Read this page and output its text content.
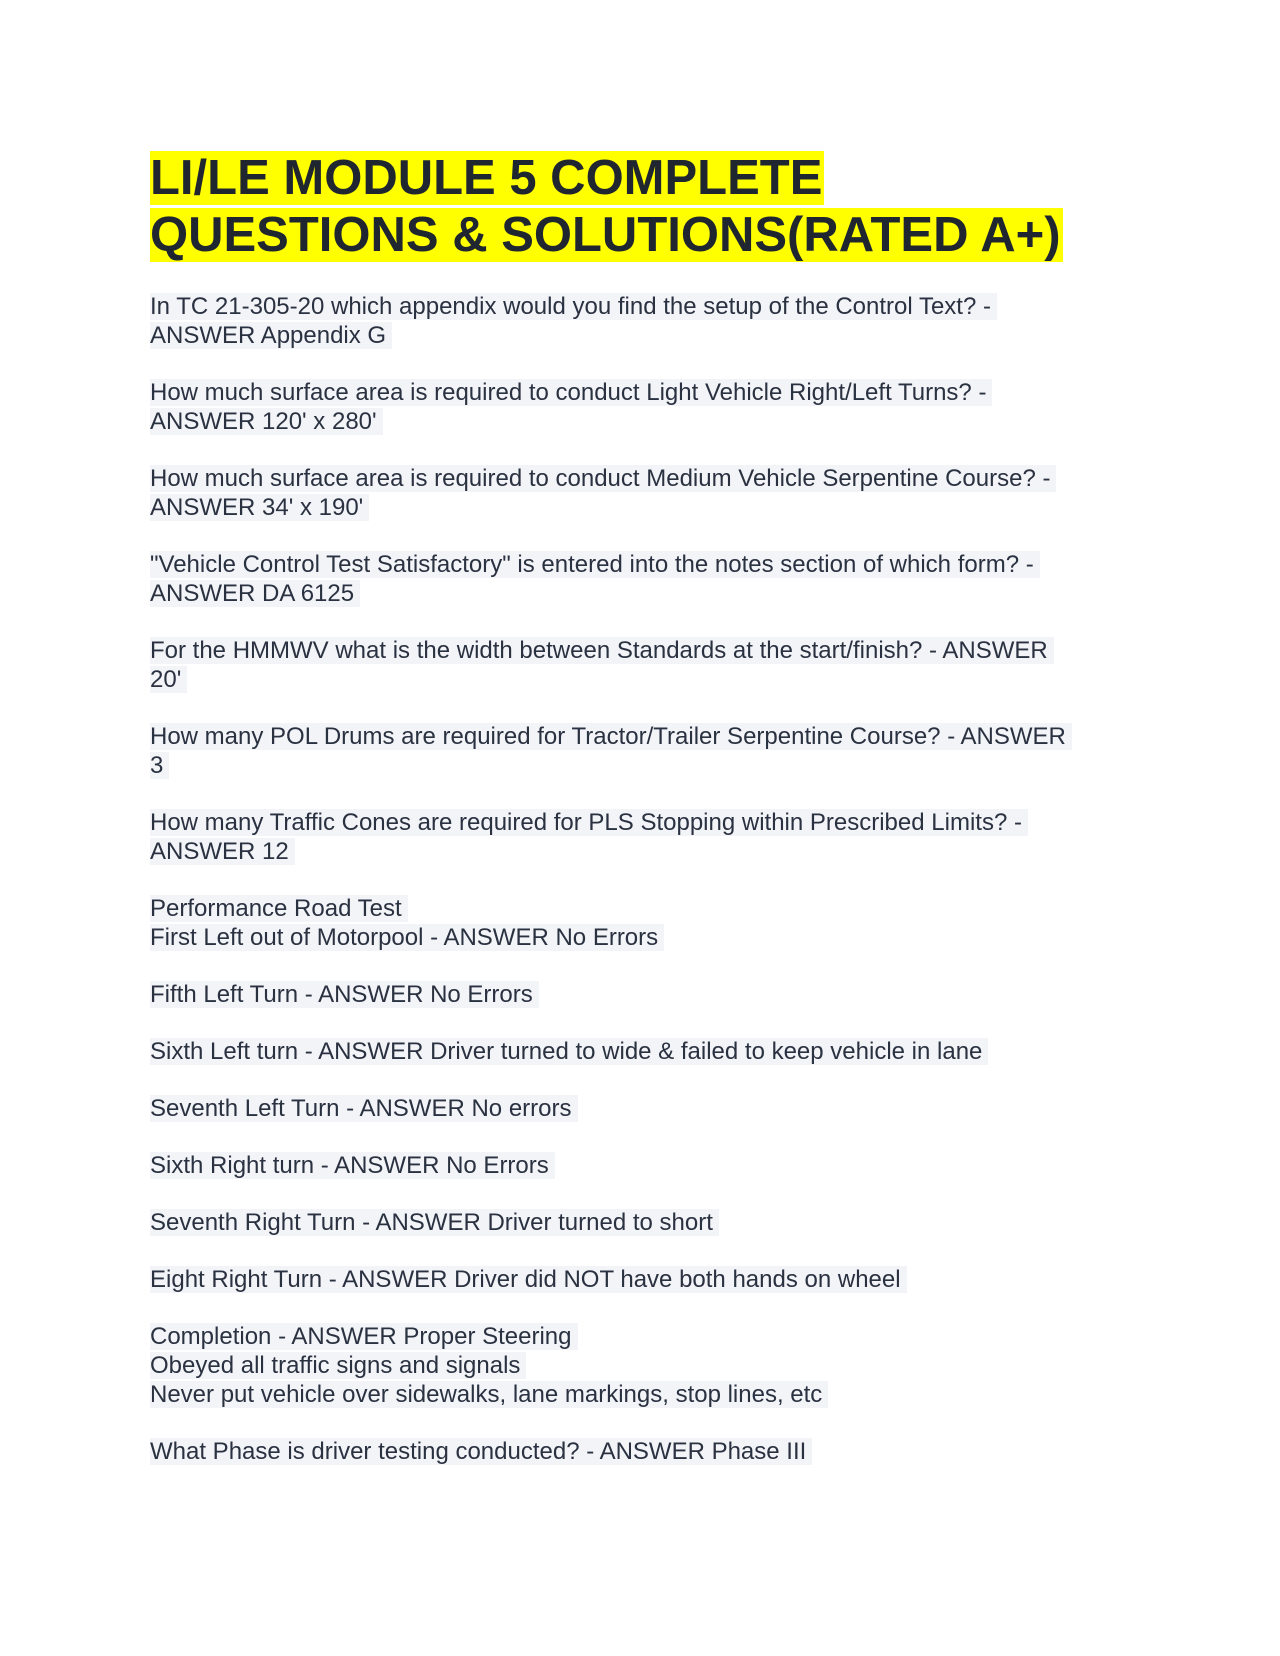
LI/LE MODULE 5 COMPLETE
QUESTIONS & SOLUTIONS(RATED A+)

In TC 21-305-20 which appendix would you find the setup of the Control Text? -
ANSWER Appendix G

How much surface area is required to conduct Light Vehicle Right/Left Turns? -
ANSWER 120' x 280'

How much surface area is required to conduct Medium Vehicle Serpentine Course? -
ANSWER 34' x 190'

"Vehicle Control Test Satisfactory" is entered into the notes section of which form? -
ANSWER DA 6125

For the HMMWV what is the width between Standards at the start/finish? - ANSWER
20'

How many POL Drums are required for Tractor/Trailer Serpentine Course? - ANSWER
3

How many Traffic Cones are required for PLS Stopping within Prescribed Limits? -
ANSWER 12

Performance Road Test
First Left out of Motorpool - ANSWER No Errors

Fifth Left Turn - ANSWER No Errors

Sixth Left turn - ANSWER Driver turned to wide & failed to keep vehicle in lane

Seventh Left Turn - ANSWER No errors

Sixth Right turn - ANSWER No Errors

Seventh Right Turn - ANSWER Driver turned to short

Eight Right Turn - ANSWER Driver did NOT have both hands on wheel

Completion - ANSWER Proper Steering
Obeyed all traffic signs and signals
Never put vehicle over sidewalks, lane markings, stop lines, etc

What Phase is driver testing conducted? - ANSWER Phase III
